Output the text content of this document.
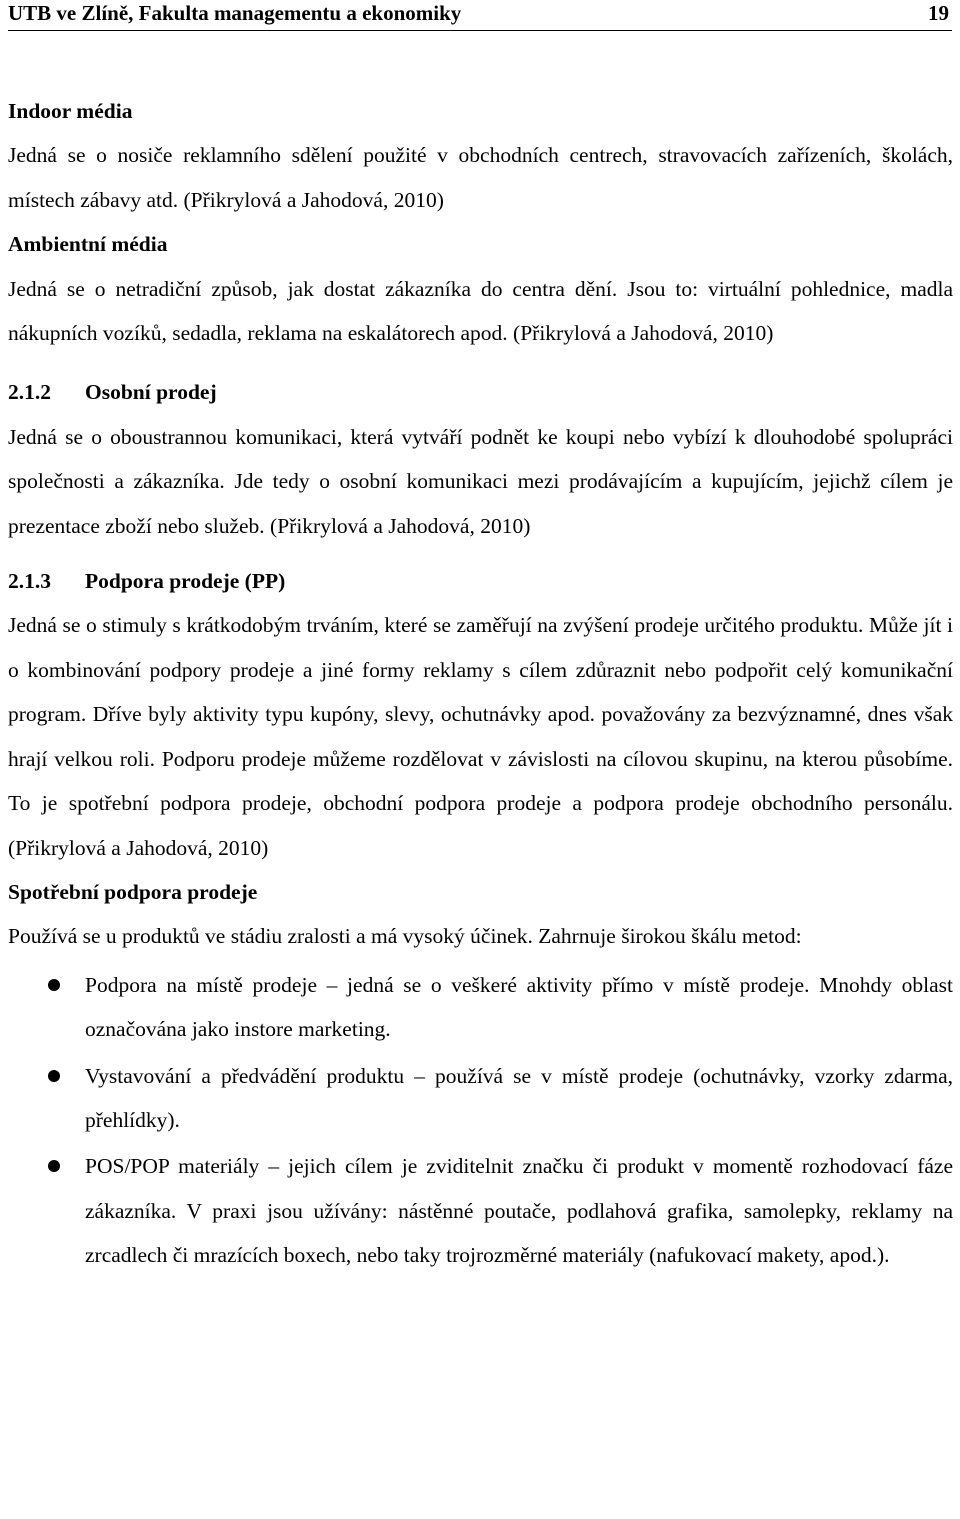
UTB ve Zlíně, Fakulta managementu a ekonomiky	19
Indoor média

Jedná se o nosiče reklamního sdělení použité v obchodních centrech, stravovacích zařízeních, školách, místech zábavy atd. (Přikrylová a Jahodová, 2010)

Ambientní média

Jedná se o netradiční způsob, jak dostat zákazníka do centra dění. Jsou to: virtuální pohlednice, madla nákupních vozíků, sedadla, reklama na eskalátorech apod. (Přikrylová a Jahodová, 2010)

2.1.2 Osobní prodej

Jedná se o oboustrannou komunikaci, která vytváří podnět ke koupi nebo vybízí k dlouhodobé spolupráci společnosti a zákazníka. Jde tedy o osobní komunikaci mezi prodávajícím a kupujícím, jejichž cílem je prezentace zboží nebo služeb. (Přikrylová a Jahodová, 2010)

2.1.3 Podpora prodeje (PP)

Jedná se o stimuly s krátkodobým trváním, které se zaměřují na zvýšení prodeje určitého produktu. Může jít i o kombinování podpory prodeje a jiné formy reklamy s cílem zdůraznit nebo podpořit celý komunikační program. Dříve byly aktivity typu kupóny, slevy, ochutnávky apod. považovány za bezvýznamné, dnes však hrají velkou roli. Podporu prodeje můžeme rozdělovat v závislosti na cílovou skupinu, na kterou působíme. To je spotřební podpora prodeje, obchodní podpora prodeje a podpora prodeje obchodního personálu. (Přikrylová a Jahodová, 2010)

Spotřební podpora prodeje

Používá se u produktů ve stádiu zralosti a má vysoký účinek. Zahrnuje širokou škálu metod:

Podpora na místě prodeje – jedná se o veškeré aktivity přímo v místě prodeje. Mnohdy oblast označována jako instore marketing.
Vystavování a předvádění produktu – používá se v místě prodeje (ochutnávky, vzorky zdarma, přehlídky).
POS/POP materiály – jejich cílem je zviditelnit značku či produkt v momentě rozhodovací fáze zákazníka. V praxi jsou užívány: nástěnné poutače, podlahová grafika, samolepky, reklamy na zrcadlech či mrazících boxech, nebo taky trojrozměrné materiály (nafukovací makety, apod.).
